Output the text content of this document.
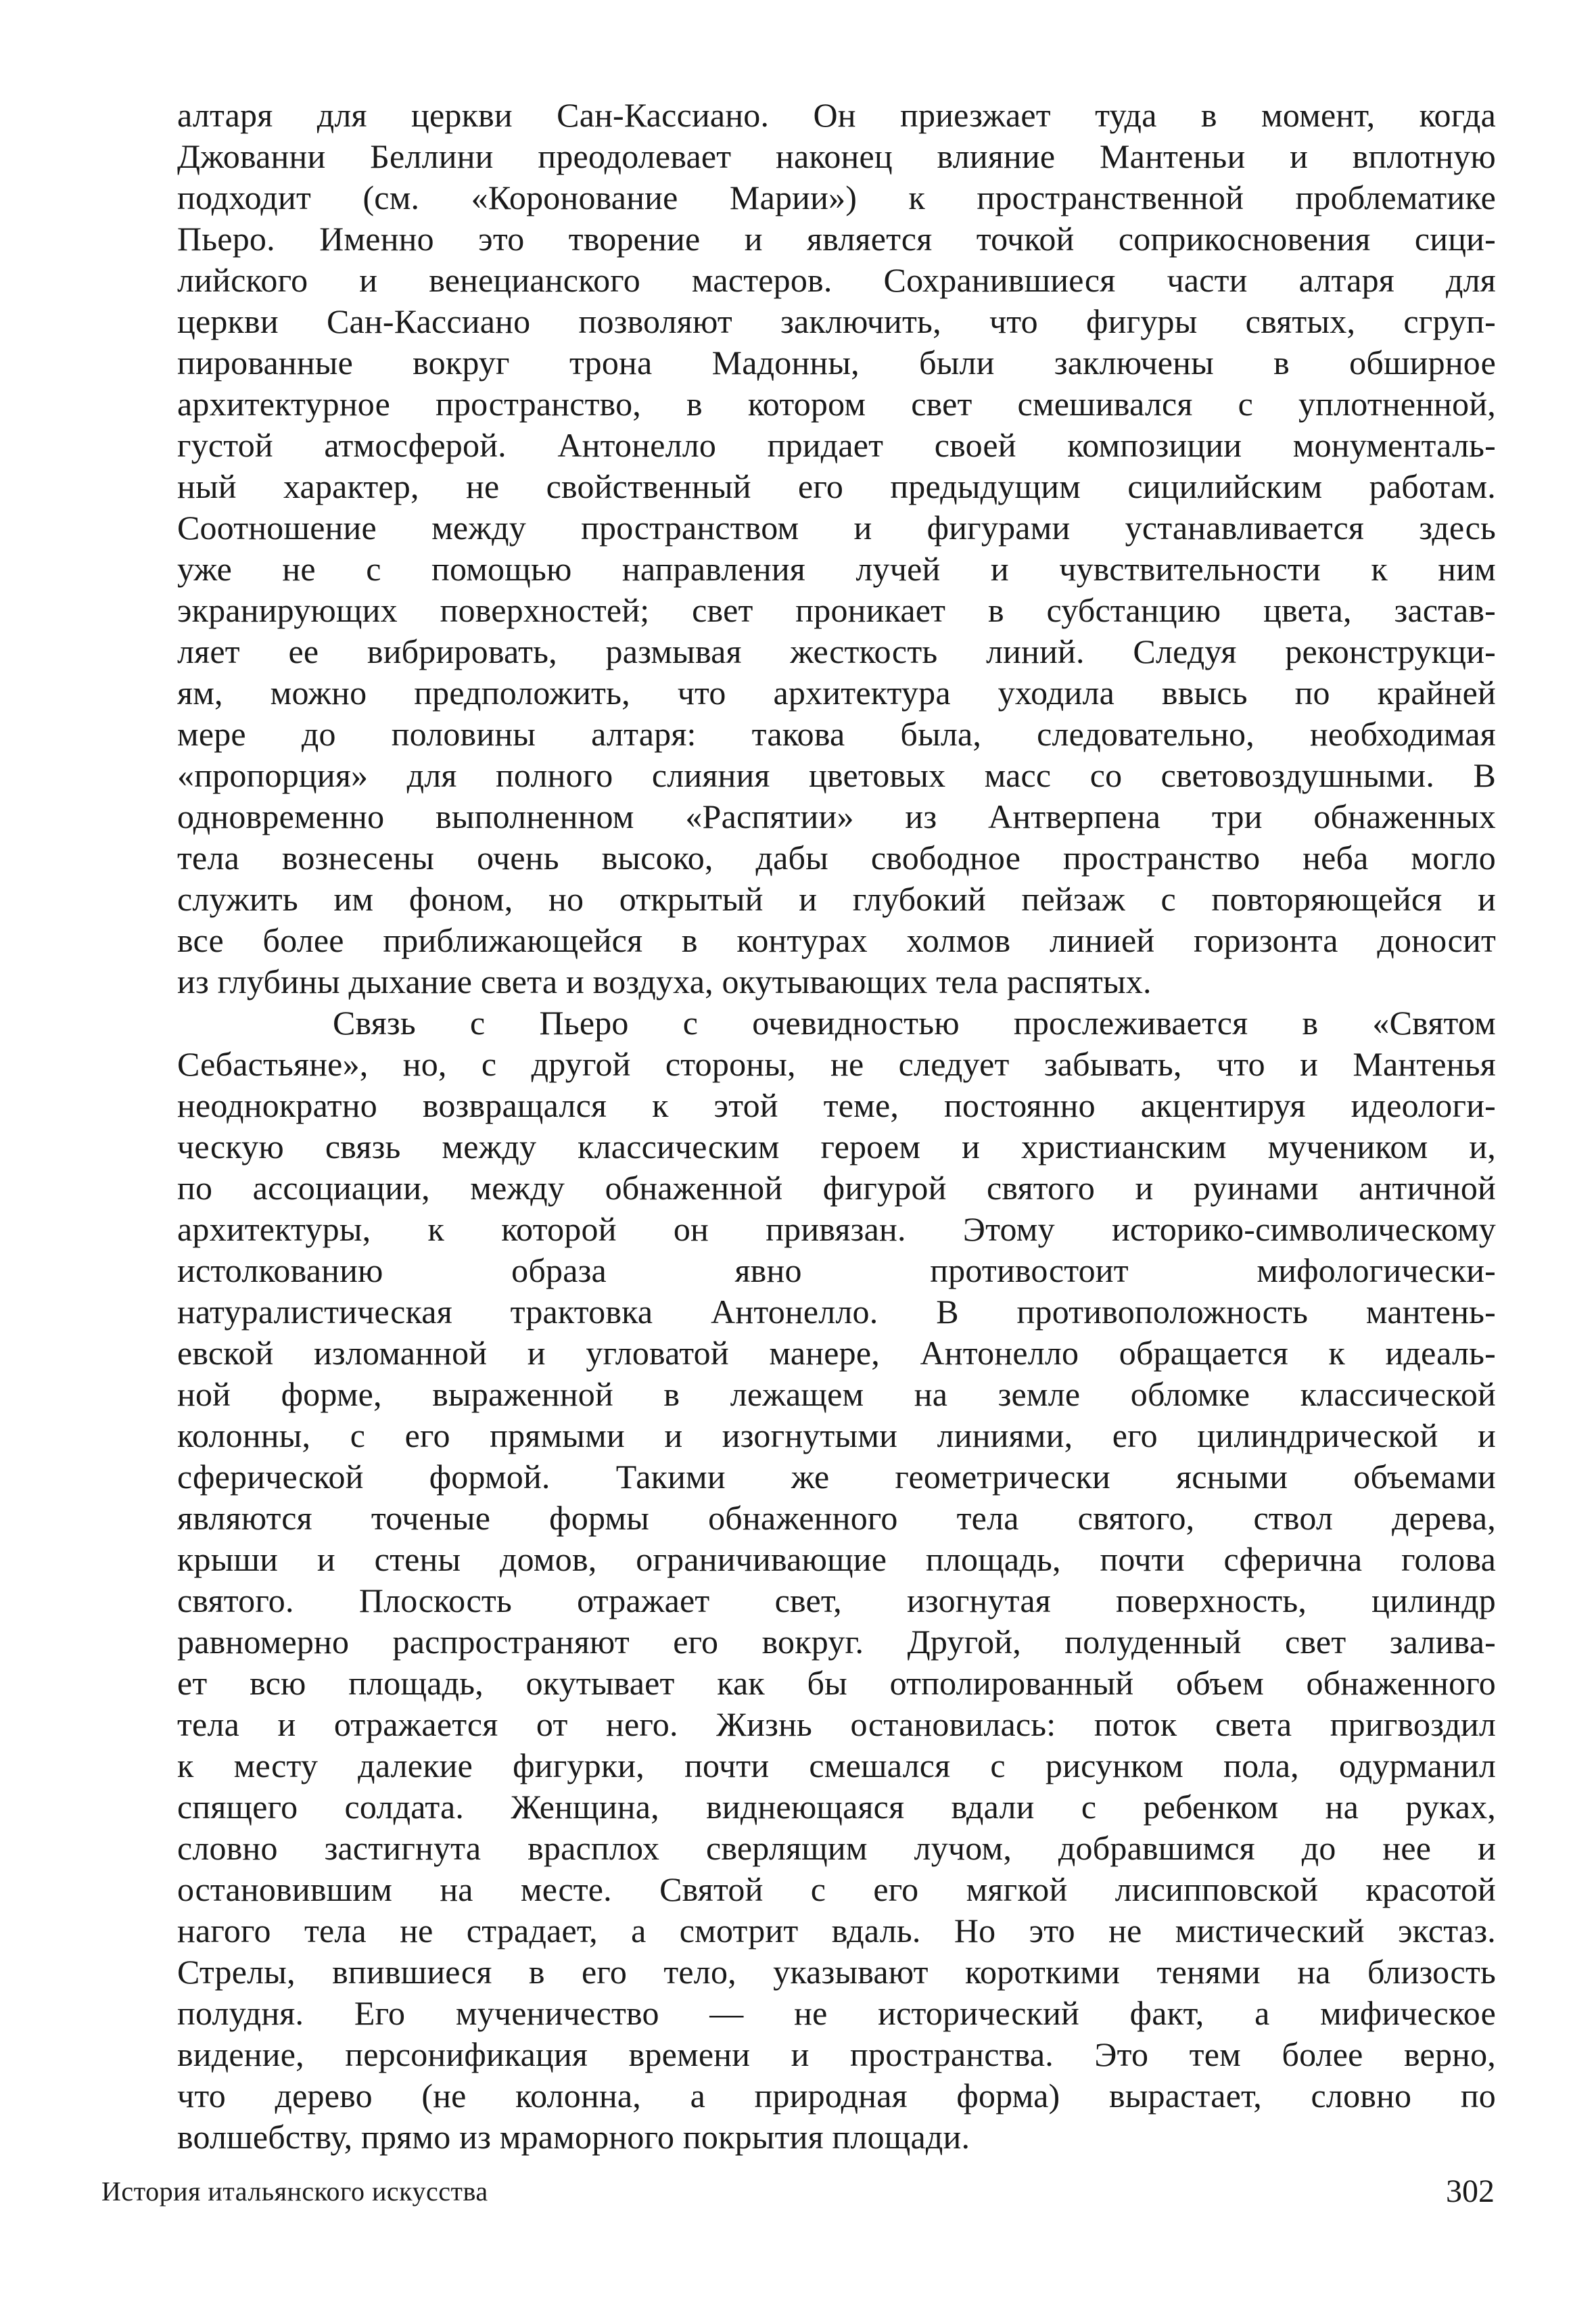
алтаря для церкви Сан-Кассиано. Он приезжает туда в момент, когда
Джованни Беллини преодолевает наконец влияние Мантеньи и вплотную
подходит (см. «Коронование Марии») к пространственной проблематике
Пьеро. Именно это творение и является точкой соприкосновения сици-
лийского и венецианского мастеров. Сохранившиеся части алтаря для
церкви Сан-Кассиано позволяют заключить, что фигуры святых, сгруп-
пированные вокруг трона Мадонны, были заключены в обширное
архитектурное пространство, в котором свет смешивался с уплотненной,
густой атмосферой. Антонелло придает своей композиции монументаль-
ный характер, не свойственный его предыдущим сицилийским работам.
Соотношение между пространством и фигурами устанавливается здесь
уже не с помощью направления лучей и чувствительности к ним
экранирующих поверхностей; свет проникает в субстанцию цвета, застав-
ляет ее вибрировать, размывая жесткость линий. Следуя реконструкци-
ям, можно предположить, что архитектура уходила ввысь по крайней
мере до половины алтаря: такова была, следовательно, необходимая
«пропорция» для полного слияния цветовых масс со световоздушными. В
одновременно выполненном «Распятии» из Антверпена три обнаженных
тела вознесены очень высоко, дабы свободное пространство неба могло
служить им фоном, но открытый и глубокий пейзаж с повторяющейся и
все более приближающейся в контурах холмов линией горизонта доносит
из глубины дыхание света и воздуха, окутывающих тела распятых.
Связь с Пьеро с очевидностью прослеживается в «Святом
Себастьяне», но, с другой стороны, не следует забывать, что и Мантенья
неоднократно возвращался к этой теме, постоянно акцентируя идеологи-
ческую связь между классическим героем и христианским мучеником и,
по ассоциации, между обнаженной фигурой святого и руинами античной
архитектуры, к которой он привязан. Этому историко-символическому
истолкованию образа явно противостоит мифологически-
натуралистическая трактовка Антонелло. В противоположность мантень-
евской изломанной и угловатой манере, Антонелло обращается к идеаль-
ной форме, выраженной в лежащем на земле обломке классической
колонны, с его прямыми и изогнутыми линиями, его цилиндрической и
сферической формой. Такими же геометрически ясными объемами
являются точеные формы обнаженного тела святого, ствол дерева,
крыши и стены домов, ограничивающие площадь, почти сферична голова
святого. Плоскость отражает свет, изогнутая поверхность, цилиндр
равномерно распространяют его вокруг. Другой, полуденный свет залива-
ет всю площадь, окутывает как бы отполированный объем обнаженного
тела и отражается от него. Жизнь остановилась: поток света пригвоздил
к месту далекие фигурки, почти смешался с рисунком пола, одурманил
спящего солдата. Женщина, виднеющаяся вдали с ребенком на руках,
словно застигнута врасплох сверлящим лучом, добравшимся до нее и
остановившим на месте. Святой с его мягкой лисипповской красотой
нагого тела не страдает, а смотрит вдаль. Но это не мистический экстаз.
Стрелы, впившиеся в его тело, указывают короткими тенями на близость
полудня. Его мученичество — не исторический факт, а мифическое
видение, персонификация времени и пространства. Это тем более верно,
что дерево (не колонна, а природная форма) вырастает, словно по
волшебству, прямо из мраморного покрытия площади.
История итальянского искусства	302
